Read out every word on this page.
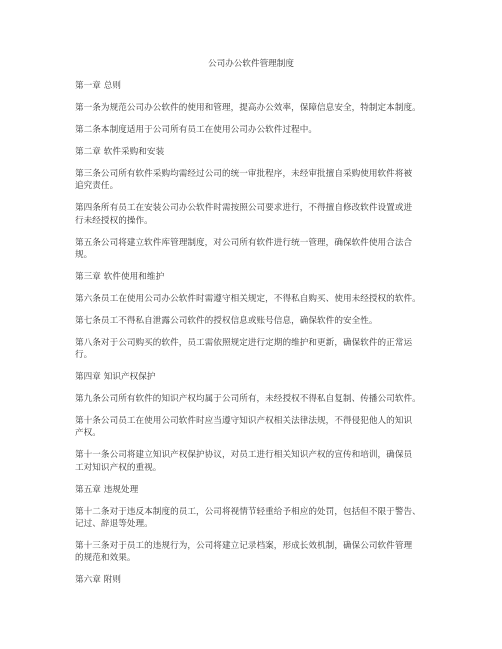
公司办公软件管理制度
第一章 总则
第一条为规范公司办公软件的使用和管理，提高办公效率，保障信息安全，特制定本制度。
第二条本制度适用于公司所有员工在使用公司办公软件过程中。
第二章 软件采购和安装
第三条公司所有软件采购均需经过公司的统一审批程序，未经审批擅自采购使用软件将被
追究责任。
第四条所有员工在安装公司办公软件时需按照公司要求进行，不得擅自修改软件设置或进
行未经授权的操作。
第五条公司将建立软件库管理制度，对公司所有软件进行统一管理，确保软件使用合法合
规。
第三章 软件使用和维护
第六条员工在使用公司办公软件时需遵守相关规定，不得私自购买、使用未经授权的软件。
第七条员工不得私自泄露公司软件的授权信息或账号信息，确保软件的安全性。
第八条对于公司购买的软件，员工需依照规定进行定期的维护和更新，确保软件的正常运
行。
第四章 知识产权保护
第九条公司所有软件的知识产权均属于公司所有，未经授权不得私自复制、传播公司软件。
第十条公司员工在使用公司软件时应当遵守知识产权相关法律法规，不得侵犯他人的知识
产权。
第十一条公司将建立知识产权保护协议，对员工进行相关知识产权的宣传和培训，确保员
工对知识产权的重视。
第五章 违规处理
第十二条对于违反本制度的员工，公司将视情节轻重给予相应的处罚，包括但不限于警告、
记过、辞退等处理。
第十三条对于员工的违规行为，公司将建立记录档案，形成长效机制，确保公司软件管理
的规范和效果。
第六章 附则
